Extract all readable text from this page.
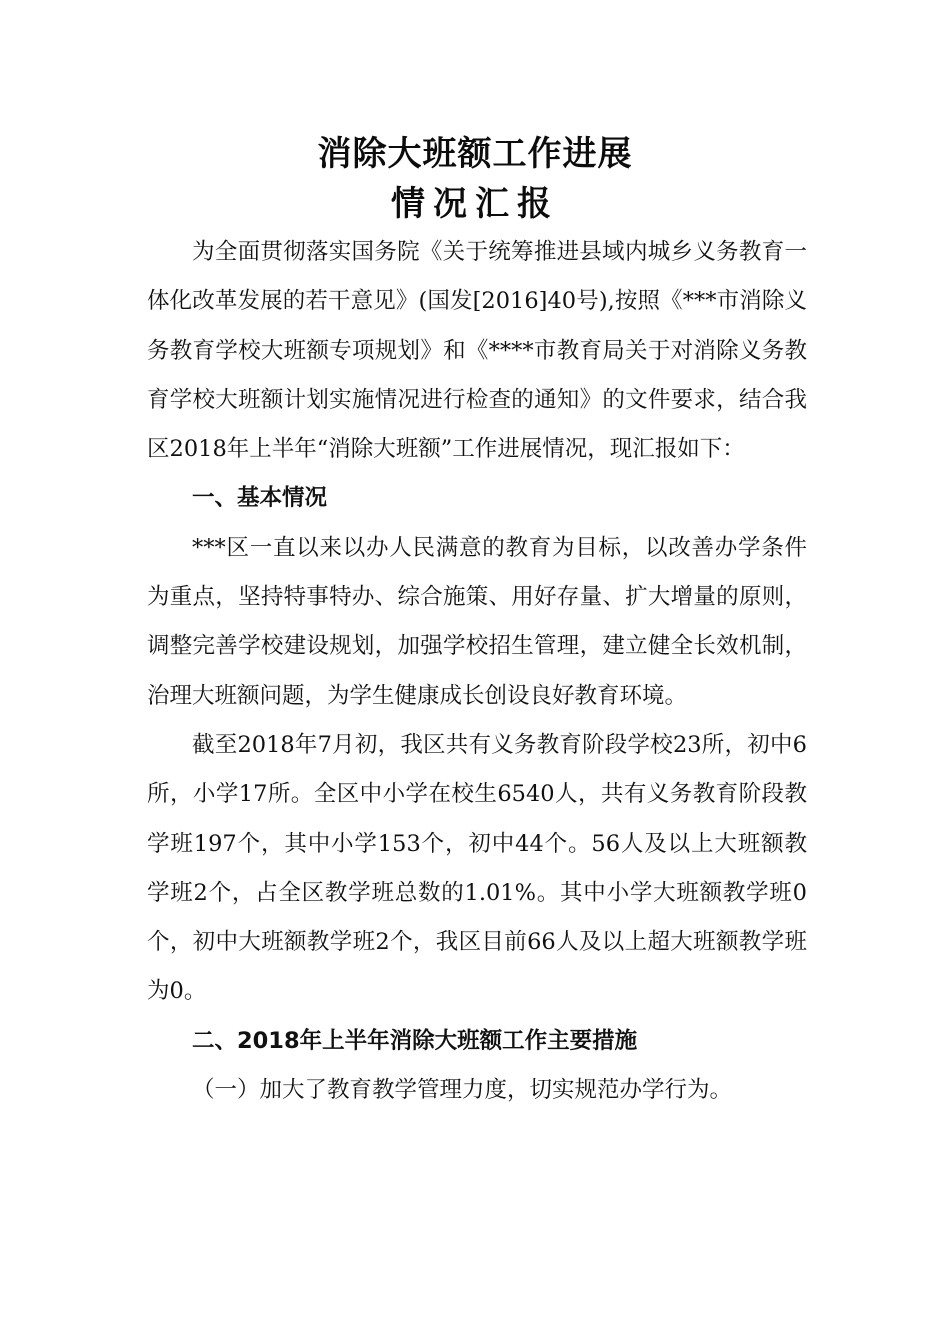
消除大班额工作进展
情况汇报

为全面贯彻落实国务院《关于统筹推进县域内城乡义务教育一体化改革发展的若干意见》(国发[2016]40号),按照《***市消除义务教育学校大班额专项规划》和《****市教育局关于对消除义务教育学校大班额计划实施情况进行检查的通知》的文件要求，结合我区2018年上半年“消除大班额”工作进展情况，现汇报如下：

一、基本情况

***区一直以来以办人民满意的教育为目标，以改善办学条件为重点，坚持特事特办、综合施策、用好存量、扩大增量的原则，调整完善学校建设规划，加强学校招生管理，建立健全长效机制，治理大班额问题，为学生健康成长创设良好教育环境。

截至2018年7月初，我区共有义务教育阶段学校23所，初中6所，小学17所。全区中小学在校生6540人，共有义务教育阶段教学班197个，其中小学153个，初中44个。56人及以上大班额教学班2个，占全区教学班总数的1.01%。其中小学大班额教学班0个，初中大班额教学班2个，我区目前66人及以上超大班额教学班为0。

二、2018年上半年消除大班额工作主要措施

（一）加大了教育教学管理力度，切实规范办学行为。
